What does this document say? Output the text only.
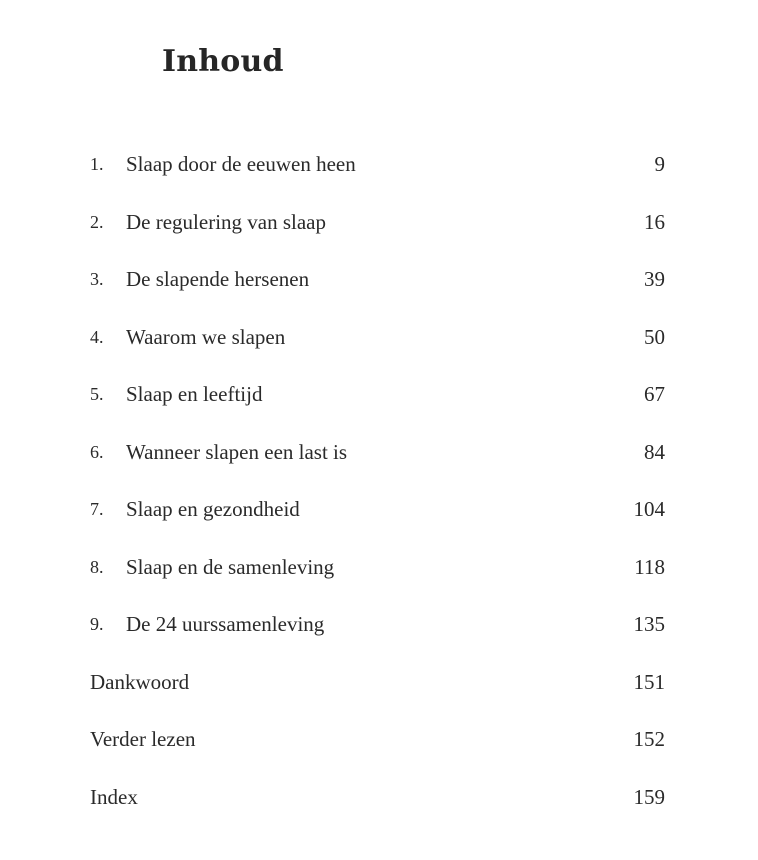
Inhoud
1.	Slaap door de eeuwen heen	9
2.	De regulering van slaap	16
3.	De slapende hersenen	39
4.	Waarom we slapen	50
5.	Slaap en leeftijd	67
6.	Wanneer slapen een last is	84
7.	Slaap en gezondheid	104
8.	Slaap en de samenleving	118
9.	De 24 uurssamenleving	135
Dankwoord	151
Verder lezen	152
Index	159
